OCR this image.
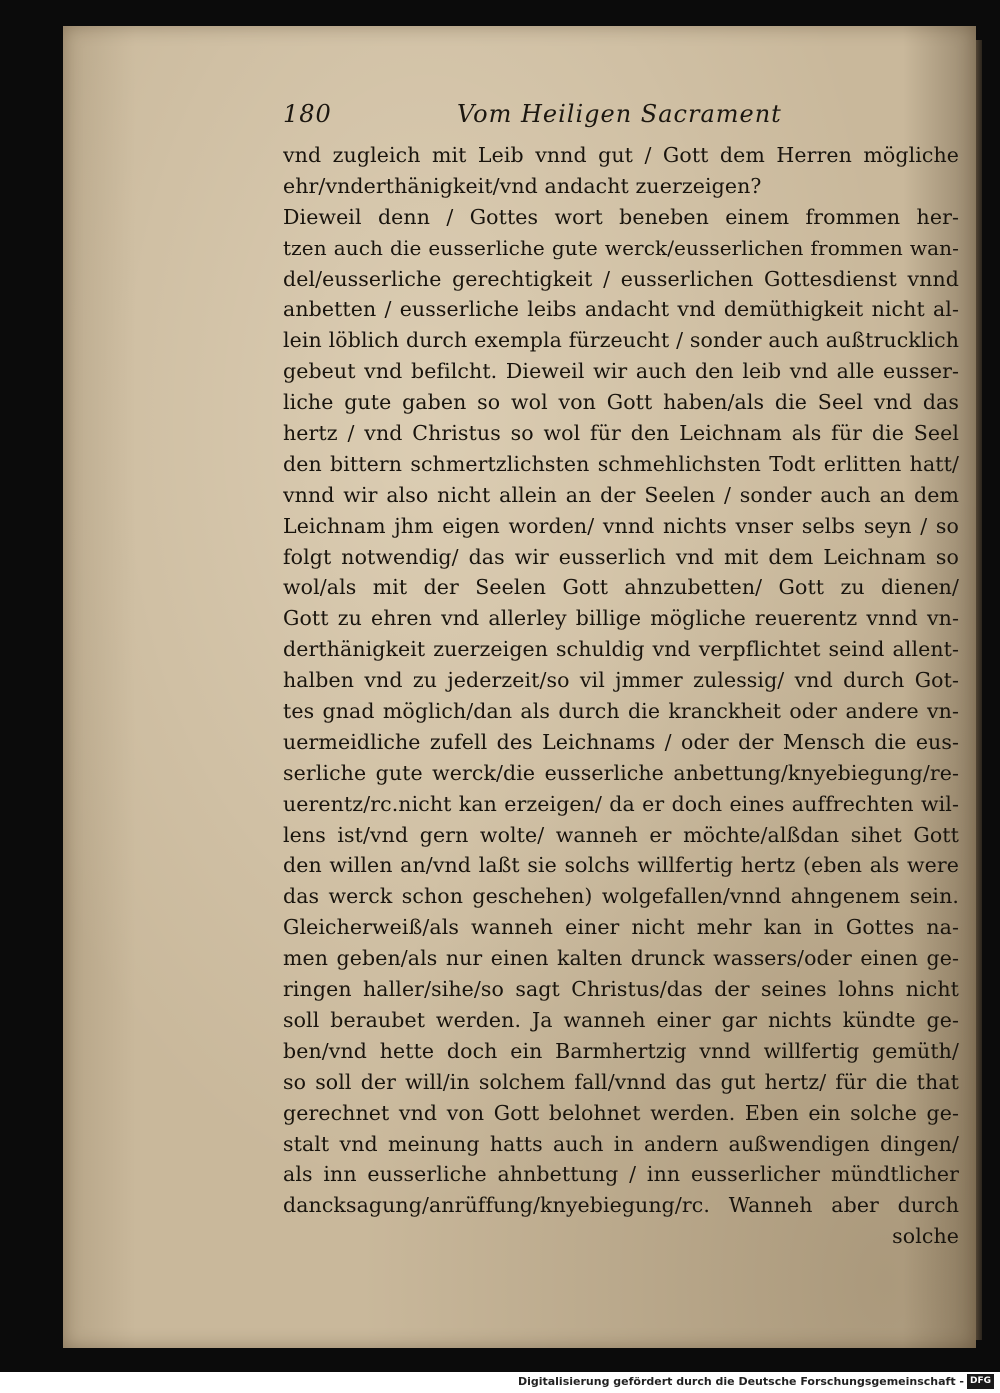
180	Vom Heiligen Sacrament
vnd zugleich mit Leib vnnd gut / Gott dem Herren mögliche
ehr/vnderthänigkeit/vnd andacht zuerzeigen?
Dieweil denn / Gottes wort beneben einem frommen her-
tzen auch die eusserliche gute werck/eusserlichen frommen wan-
del/eusserliche gerechtigkeit / eusserlichen Gottesdienst vnnd
anbetten / eusserliche leibs andacht vnd demüthigkeit nicht al-
lein löblich durch exempla fürzeucht / sonder auch außtrucklich
gebeut vnd befilcht. Dieweil wir auch den leib vnd alle eusser-
liche gute gaben so wol von Gott haben/als die Seel vnd das
hertz / vnd Christus so wol für den Leichnam als für die Seel
den bittern schmertzlichsten schmehlichsten Todt erlitten hatt/
vnnd wir also nicht allein an der Seelen / sonder auch an dem
Leichnam jhm eigen worden/ vnnd nichts vnser selbs seyn / so
folgt notwendig/ das wir eusserlich vnd mit dem Leichnam so
wol/als mit der Seelen Gott ahnzubetten/ Gott zu dienen/
Gott zu ehren vnd allerley billige mögliche reuerentz vnnd vn-
derthänigkeit zuerzeigen schuldig vnd verpflichtet seind allent-
halben vnd zu jederzeit/so vil jmmer zulessig/ vnd durch Got-
tes gnad möglich/dan als durch die kranckheit oder andere vn-
uermeidliche zufell des Leichnams / oder der Mensch die eus-
serliche gute werck/die eusserliche anbettung/knyebiegung/re-
uerentz/rc.nicht kan erzeigen/ da er doch eines auffrechten wil-
lens ist/vnd gern wolte/ wanneh er möchte/alßdan sihet Gott
den willen an/vnd laßt sie solchs willfertig hertz (eben als were
das werck schon geschehen) wolgefallen/vnnd ahngenem sein.
Gleicherweiß/als wanneh einer nicht mehr kan in Gottes na-
men geben/als nur einen kalten drunck wassers/oder einen ge-
ringen haller/sihe/so sagt Christus/das der seines lohns nicht
soll beraubet werden. Ja wanneh einer gar nichts kündte ge-
ben/vnd hette doch ein Barmhertzig vnnd willfertig gemüth/
so soll der will/in solchem fall/vnnd das gut hertz/ für die that
gerechnet vnd von Gott belohnet werden. Eben ein solche ge-
stalt vnd meinung hatts auch in andern außwendigen dingen/
als inn eusserliche ahnbettung / inn eusserlicher mündtlicher
dancksagung/anrüffung/knyebiegung/rc. Wanneh aber durch
solche
Digitalisierung gefördert durch die Deutsche Forschungsgemeinschaft - DFG
